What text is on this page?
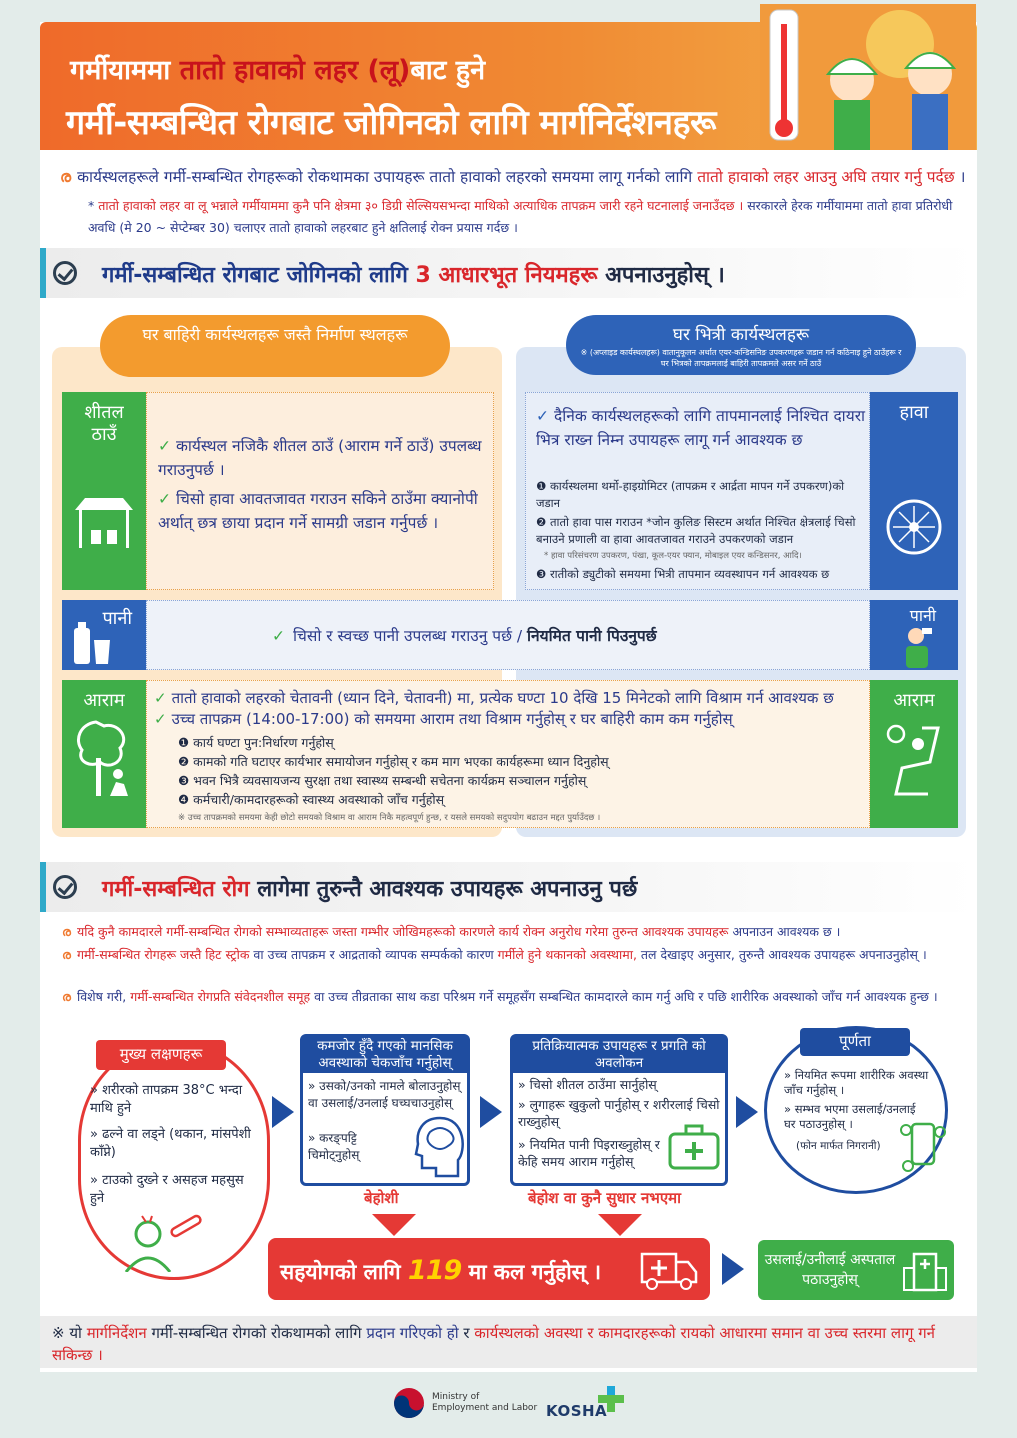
गर्मीयाममा तातो हावाको लहर (लू)बाट हुने
गर्मी-सम्बन्धित रोगबाट जोगिनको लागि मार्गनिर्देशनहरू
ര कार्यस्थलहरूले गर्मी-सम्बन्धित रोगहरूको रोकथामका उपायहरू तातो हावाको लहरको समयमा लागू गर्नको लागि तातो हावाको लहर आउनु अघि तयार गर्नु पर्दछ ।
* तातो हावाको लहर वा लू भन्नाले गर्मीयाममा कुनै पनि क्षेत्रमा ३० डिग्री सेल्सियसभन्दा माथिको अत्याधिक तापक्रम जारी रहने घटनालाई जनाउँदछ । सरकारले हेरक गर्मीयाममा तातो हावा प्रतिरोधी अवधि (मे 20 ~ सेप्टेम्बर 30) चलाएर तातो हावाको लहरबाट हुने क्षतिलाई रोक्न प्रयास गर्दछ ।
गर्मी-सम्बन्धित रोगबाट जोगिनको लागि 3 आधारभूत नियमहरू अपनाउनुहोस् ।
घर बाहिरी कार्यस्थलहरू जस्तै निर्माण स्थलहरू	घर भित्री कार्यस्थलहरू
※ (अप्लाइड कार्यस्थलहरू) वातानुकूलन अर्थात एयर-कन्डिसनिङ उपकरणहरू जडान गर्न कठिनाइ हुने ठाउँहरू र घर भित्रको तापक्रमलाई बाहिरी तापक्रमले असर गर्ने ठाउँ
शीतल ठाउँ
✓ कार्यस्थल नजिकै शीतल ठाउँ (आराम गर्ने ठाउँ) उपलब्ध गराउनुपर्छ ।
✓ चिसो हावा आवतजावत गराउन सकिने ठाउँमा क्यानोपी अर्थात् छत्र छाया प्रदान गर्ने सामग्री जडान गर्नुपर्छ ।
हावा
✓ दैनिक कार्यस्थलहरूको लागि तापमानलाई निश्चित दायरा भित्र राख्न निम्न उपायहरू लागू गर्न आवश्यक छ
❶ कार्यस्थलमा थर्मो-हाइग्रोमिटर (तापक्रम र आर्द्रता मापन गर्ने उपकरण)को जडान
❷ तातो हावा पास गराउन *जोन कुलिङ सिस्टम अर्थात निश्चित क्षेत्रलाई चिसो बनाउने प्रणाली वा हावा आवतजावत गराउने उपकरणको जडान
* हावा परिसंचरण उपकरण, पंखा, कूल-एयर फ्यान, मोबाइल एयर कन्डिसनर, आदि।
❸ रातीको ड्युटीको समयमा भित्री तापमान व्यवस्थापन गर्न आवश्यक छ
पानी
✓ चिसो र स्वच्छ पानी उपलब्ध गराउनु पर्छ / नियमित पानी पिउनुपर्छ
पानी
आराम	आराम
✓ तातो हावाको लहरको चेतावनी (ध्यान दिने, चेतावनी) मा, प्रत्येक घण्टा 10 देखि 15 मिनेटको लागि विश्राम गर्न आवश्यक छ
✓ उच्च तापक्रम (14:00-17:00) को समयमा आराम तथा विश्राम गर्नुहोस् र घर बाहिरी काम कम गर्नुहोस्
❶ कार्य घण्टा पुन:निर्धारण गर्नुहोस्
❷ कामको गति घटाएर कार्यभार समायोजन गर्नुहोस् र कम माग भएका कार्यहरूमा ध्यान दिनुहोस्
❸ भवन भित्रै व्यवसायजन्य सुरक्षा तथा स्वास्थ्य सम्बन्धी सचेतना कार्यक्रम सञ्चालन गर्नुहोस्
❹ कर्मचारी/कामदारहरूको स्वास्थ्य अवस्थाको जाँच गर्नुहोस्
※ उच्च तापक्रमको समयमा केही छोटो समयको विश्राम वा आराम निकै महत्वपूर्ण हुन्छ, र यसले समयको सदुपयोग बढाउन मद्दत पुर्याउँदछ ।
गर्मी-सम्बन्धित रोग लागेमा तुरुन्तै आवश्यक उपायहरू अपनाउनु पर्छ
ര यदि कुनै कामदारले गर्मी-सम्बन्धित रोगको सम्भाव्यताहरू जस्ता गम्भीर जोखिमहरूको कारणले कार्य रोक्न अनुरोध गरेमा तुरुन्त आवश्यक उपायहरू अपनाउन आवश्यक छ ।
ര गर्मी-सम्बन्धित रोगहरू जस्तै हिट स्ट्रोक वा उच्च तापक्रम र आद्रताको व्यापक सम्पर्कको कारण गर्मीले हुने थकानको अवस्थामा, तल देखाइए अनुसार, तुरुन्तै आवश्यक उपायहरू अपनाउनुहोस् ।
ര विशेष गरी, गर्मी-सम्बन्धित रोगप्रति संवेदनशील समूह वा उच्च तीव्रताका साथ कडा परिश्रम गर्ने समूहसँग सम्बन्धित कामदारले काम गर्नु अघि र पछि शारीरिक अवस्थाको जाँच गर्न आवश्यक हुन्छ ।
मुख्य लक्षणहरू
» शरीरको तापक्रम 38°C भन्दा माथि हुने
» ढल्ने वा लड्ने (थकान, मांसपेशी काँप्ने)
» टाउको दुख्ने र असहज महसुस हुने
कमजोर हुँदै गएको मानसिक अवस्थाको चेकजाँच गर्नुहोस्
» उसको/उनको नामले बोलाउनुहोस् वा उसलाई/उनलाई घच्घचाउनुहोस्
» करङ्पट्टि चिमोट्नुहोस्
प्रतिक्रियात्मक उपायहरू र प्रगति को अवलोकन
» चिसो शीतल ठाउँमा सार्नुहोस्
» लुगाहरू खुकुलो पार्नुहोस् र शरीरलाई चिसो राख्नुहोस्
» नियमित पानी पिइराख्नुहोस् र केहि समय आराम गर्नुहोस्
पूर्णता
» नियमित रूपमा शारीरिक अवस्था जाँच गर्नुहोस् ।
» सम्भव भएमा उसलाई/उनलाई घर पठाउनुहोस् ।
(फोन मार्फत निगरानी)
बेहोशी	बेहोश वा कुनै सुधार नभएमा
सहयोगको लागि 119 मा कल गर्नुहोस् ।	उसलाई/उनीलाई अस्पताल पठाउनुहोस्
※ यो मार्गनिर्देशन गर्मी-सम्बन्धित रोगको रोकथामको लागि प्रदान गरिएको हो र कार्यस्थलको अवस्था र कामदारहरूको रायको आधारमा समान वा उच्च स्तरमा लागू गर्न सकिन्छ ।
Ministry of
Employment and Labor KOSHA
